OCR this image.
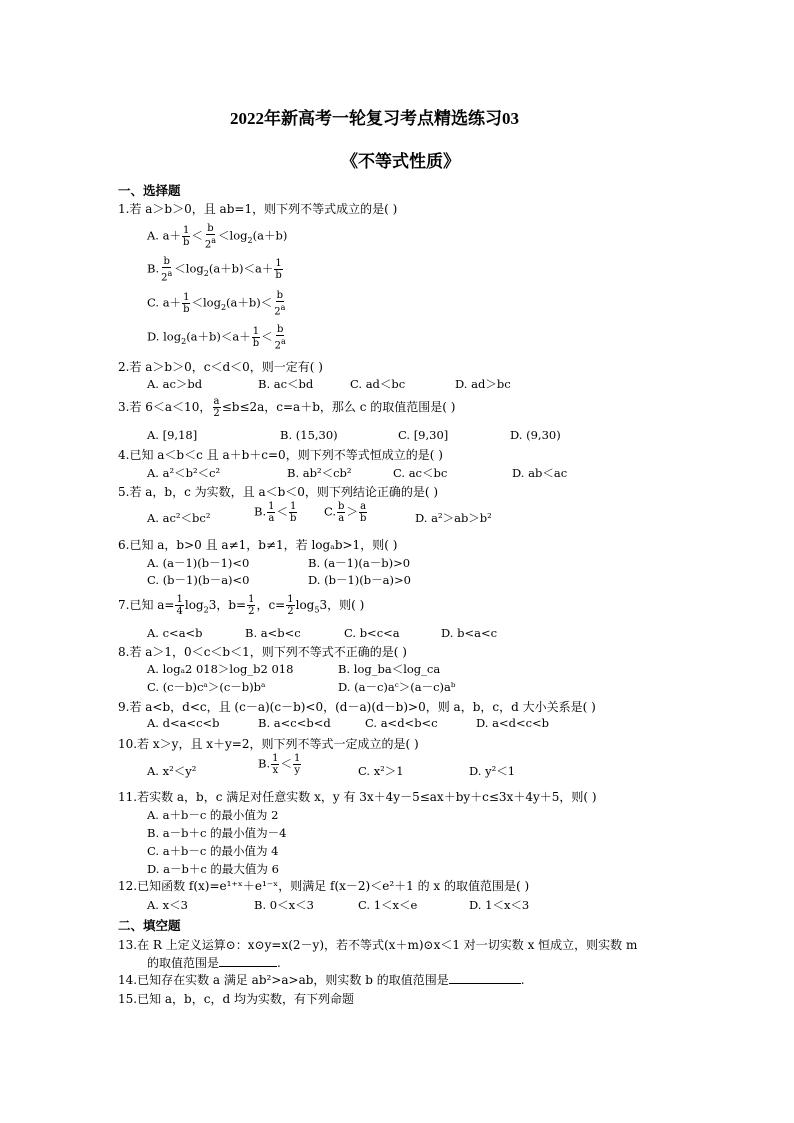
2022年新高考一轮复习考点精选练习03
《不等式性质》
一、选择题
1.若 a＞b＞0，且 ab=1，则下列不等式成立的是( )
A. $a+ \frac{1}{b} < \frac{b}{2^a} <\log_2(a+b)$
B. $\frac{b}{2^a} <\log_2(a+b)<a+ \frac{1}{b}$
C. $a+ \frac{1}{b} <\log_2(a+b)< \frac{b}{2^a}$
D. $\log_2(a+b)<a+ \frac{1}{b} < \frac{b}{2^a}$
2.若 a＞b＞0，c＜d＜0，则一定有( )
A. ac＞bd	B. ac＜bd	C. ad＜bc	D. ad＞bc
3.若 6＜a＜10， $\frac{a}{2} \le b\le 2a$，c=a＋b，那么 c 的取值范围是( )
A. [9,18]	B. (15,30)	C. [9,30]	D. (9,30)
4.已知 a＜b＜c 且 a＋b＋c=0，则下列不等式恒成立的是( )
A. a²＜b²＜c²	B. ab²＜cb²	C. ac＜bc	D. ab＜ac
5.若 a，b，c 为实数，且 a＜b＜0，则下列结论正确的是( )
A. ac²＜bc²	B. $\frac{1}{a} < \frac{1}{b} C$. $\frac{b}{a} > \frac{a}{b}$	D. a²＞ab＞b²
6.已知 a，b>0 且 a≠1，b≠1，若 logₐb>1，则( )
A. (a－1)(b－1)<0	B. (a－1)(a－b)>0
C. (b－1)(b－a)<0	D. (b－1)(b－a)>0
7.已知 $a= \frac{1}{4} \log_23$，$b= \frac{1}{2}$ ，$c= \frac{1}{2} \log_53$，则( )
A. c<a<b	B. a<b<c	C. b<c<a	D. b<a<c
8.若 a＞1，0＜c＜b＜1，则下列不等式不正确的是( )
A. logₐ2 018＞log_b2 018	B. log_ba＜log_ca
C. (c－b)cᵃ＞(c－b)bᵃ	D. (a－c)aᶜ＞(a－c)aᵇ
9.若 a<b，d<c，且 (c－a)(c－b)<0，(d－a)(d－b)>0，则 a，b，c，d 大小关系是( )
A. d<a<c<b	B. a<c<b<d	C. a<d<b<c	D. a<d<c<b
10.若 x＞y，且 x＋y=2，则下列不等式一定成立的是( )
A. x²＜y²
B. $\frac{1}{x} < \frac{1}{y}$	C. x²＞1	D. y²＜1
11.若实数 a，b，c 满足对任意实数 x，y 有 3x＋4y－5≤ax＋by＋c≤3x＋4y＋5，则( )
A. a＋b－c 的最小值为 2
B. a－b＋c 的最小值为－4
C. a＋b－c 的最小值为 4
D. a－b＋c 的最大值为 6
12.已知函数 f(x)=e¹⁺ˣ＋e¹⁻ˣ，则满足 f(x－2)＜e²＋1 的 x 的取值范围是( )
A. x＜3	B. 0＜x＜3	C. 1＜x＜e	D. 1＜x＜3
二、填空题
13.在 R 上定义运算⊙：x⊙y=x(2－y)，若不等式(x＋m)⊙x＜1 对一切实数 x 恒成立，则实数 m
的取值范围是	.
14.已知存在实数 a 满足 ab²>a>ab，则实数 b 的取值范围是	.
15.已知 a，b，c，d 均为实数，有下列命题
